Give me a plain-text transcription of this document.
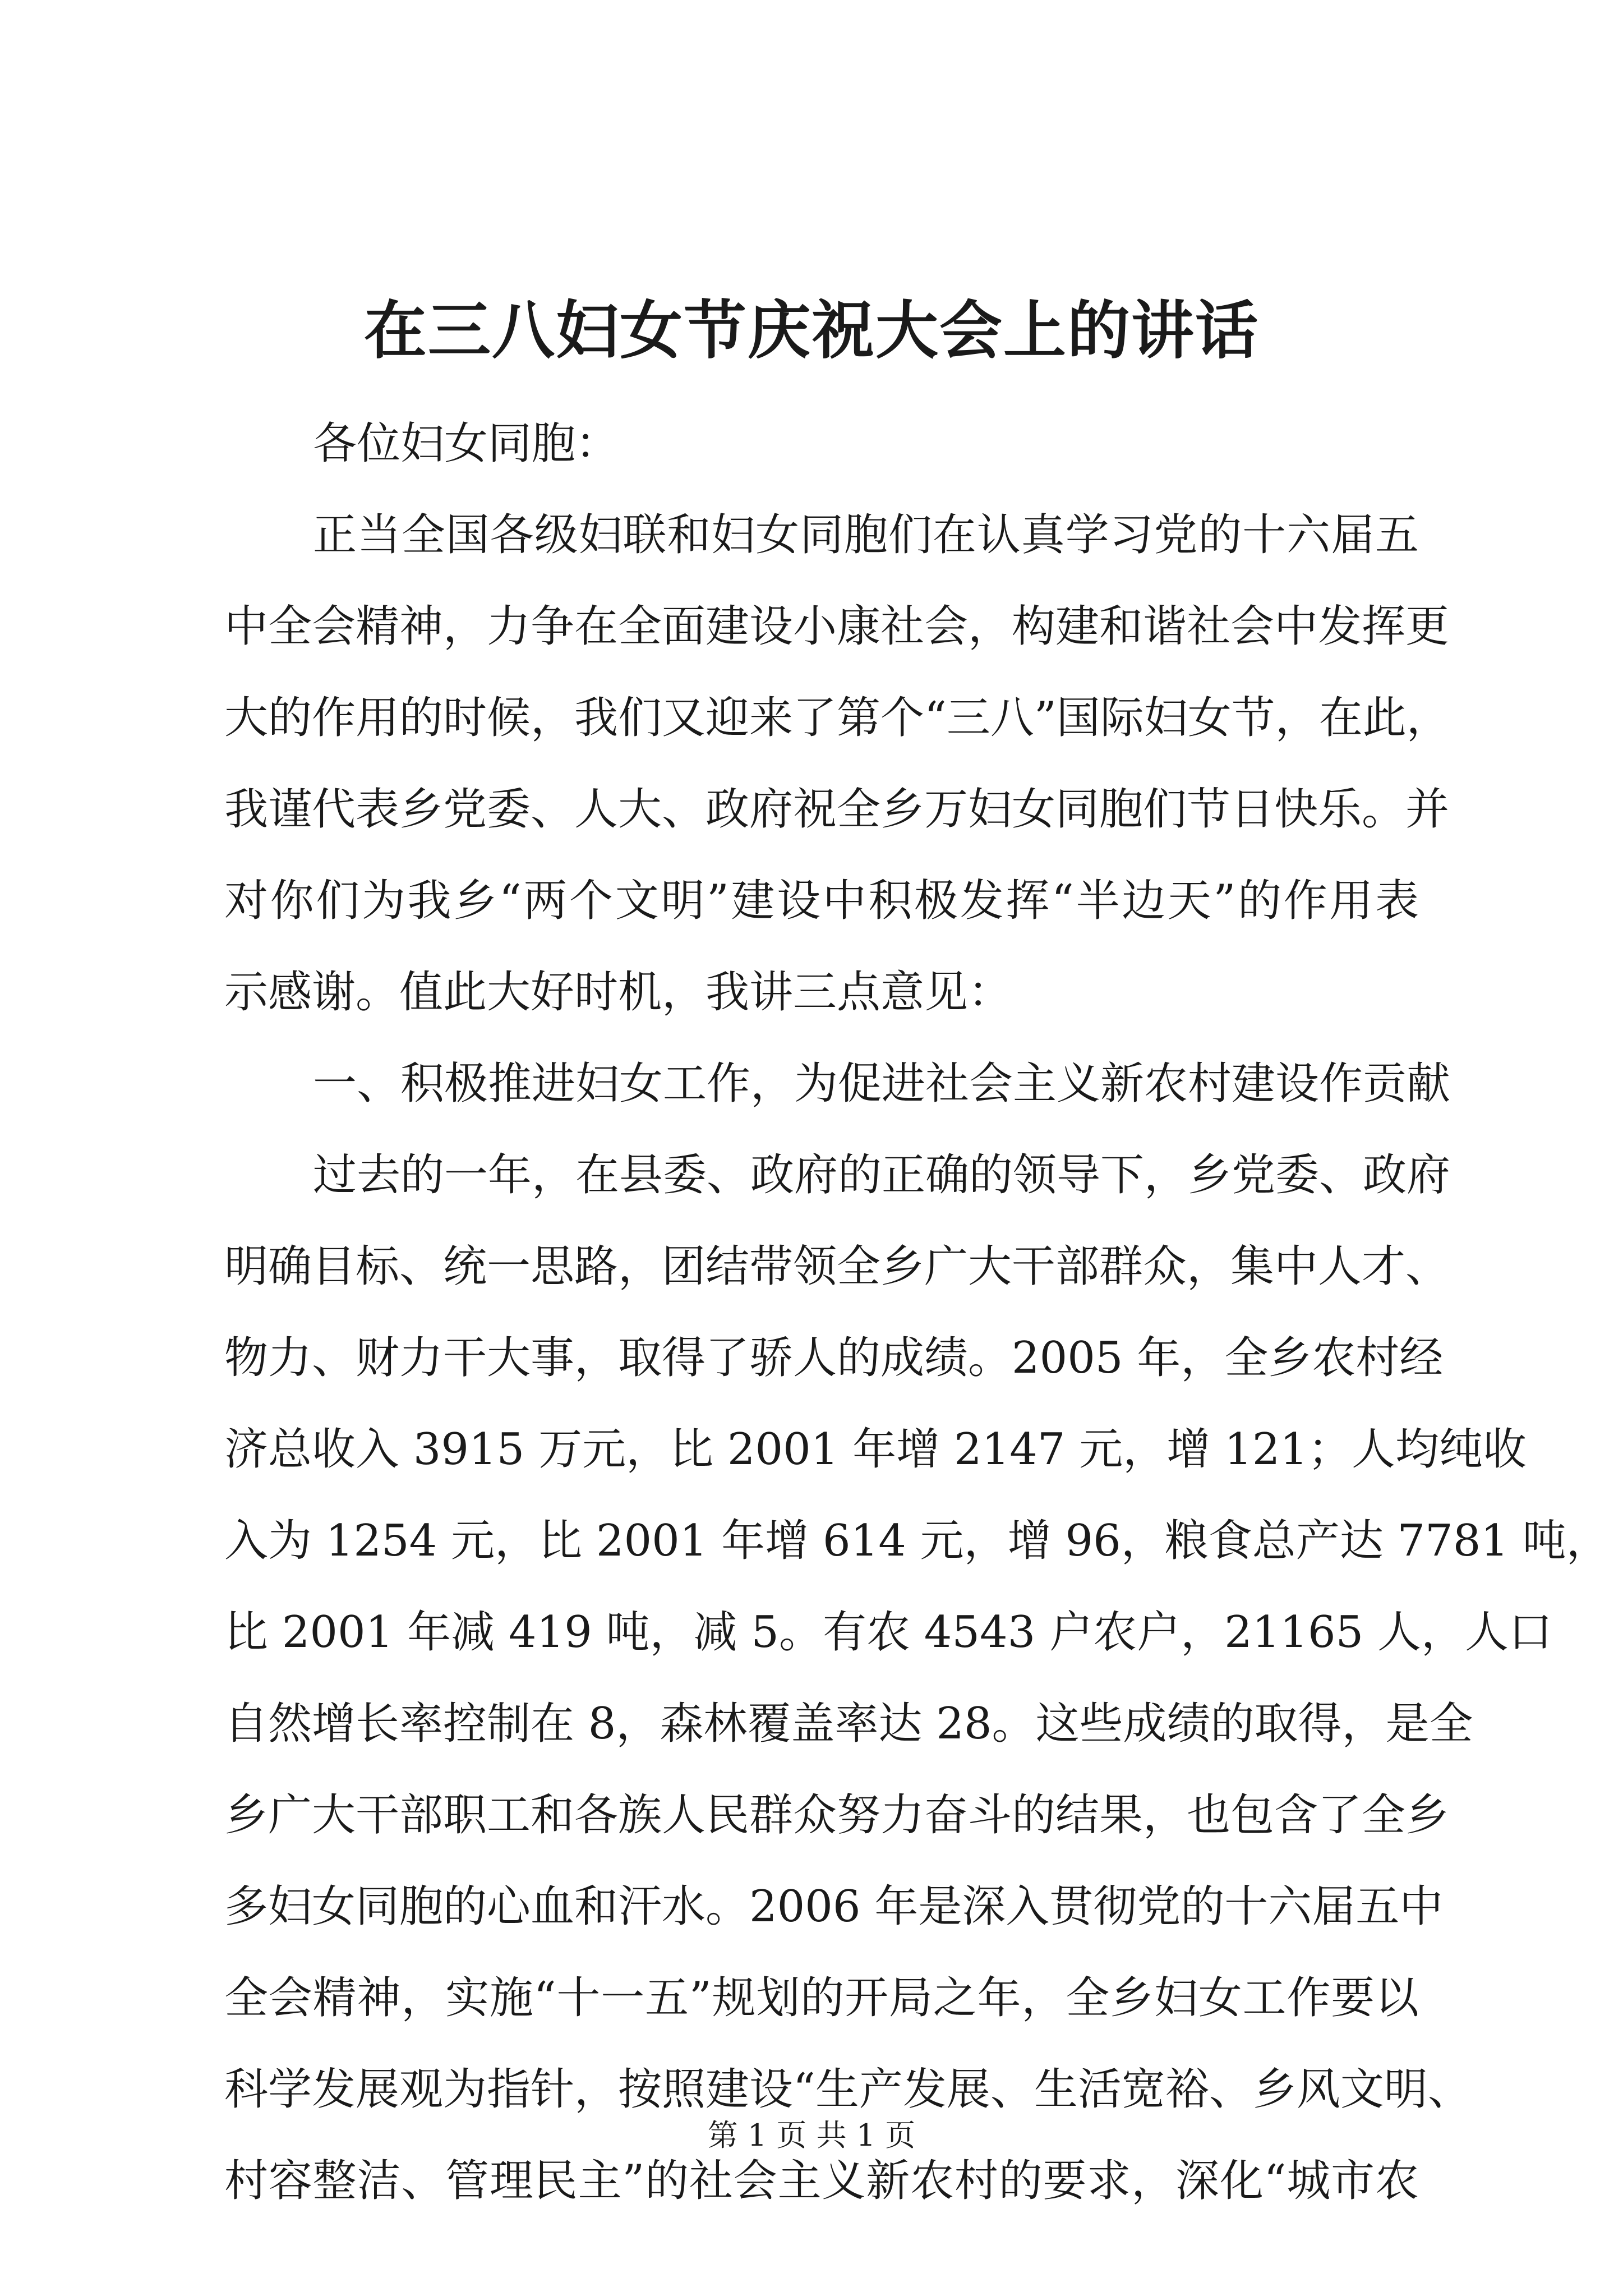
在三八妇女节庆祝大会上的讲话
各位妇女同胞：
正当全国各级妇联和妇女同胞们在认真学习党的十六届五
中全会精神，力争在全面建设小康社会，构建和谐社会中发挥更
大的作用的时候，我们又迎来了第个“三八”国际妇女节，在此，
我谨代表乡党委、人大、政府祝全乡万妇女同胞们节日快乐。并
对你们为我乡“两个文明”建设中积极发挥“半边天”的作用表
示感谢。值此大好时机，我讲三点意见：
一、积极推进妇女工作，为促进社会主义新农村建设作贡献
过去的一年，在县委、政府的正确的领导下，乡党委、政府
明确目标、统一思路，团结带领全乡广大干部群众，集中人才、
物力、财力干大事，取得了骄人的成绩。2005 年，全乡农村经
济总收入 3915 万元，比 2001 年增 2147 元，增 121；人均纯收
入为 1254 元，比 2001 年增 614 元，增 96，粮食总产达 7781 吨，
比 2001 年减 419 吨，减 5。有农 4543 户农户，21165 人，人口
自然增长率控制在 8，森林覆盖率达 28。这些成绩的取得，是全
乡广大干部职工和各族人民群众努力奋斗的结果，也包含了全乡
多妇女同胞的心血和汗水。2006 年是深入贯彻党的十六届五中
全会精神，实施“十一五”规划的开局之年，全乡妇女工作要以
科学发展观为指针，按照建设“生产发展、生活宽裕、乡风文明、
村容整洁、管理民主”的社会主义新农村的要求，深化“城市农
第 1 页 共 1 页
